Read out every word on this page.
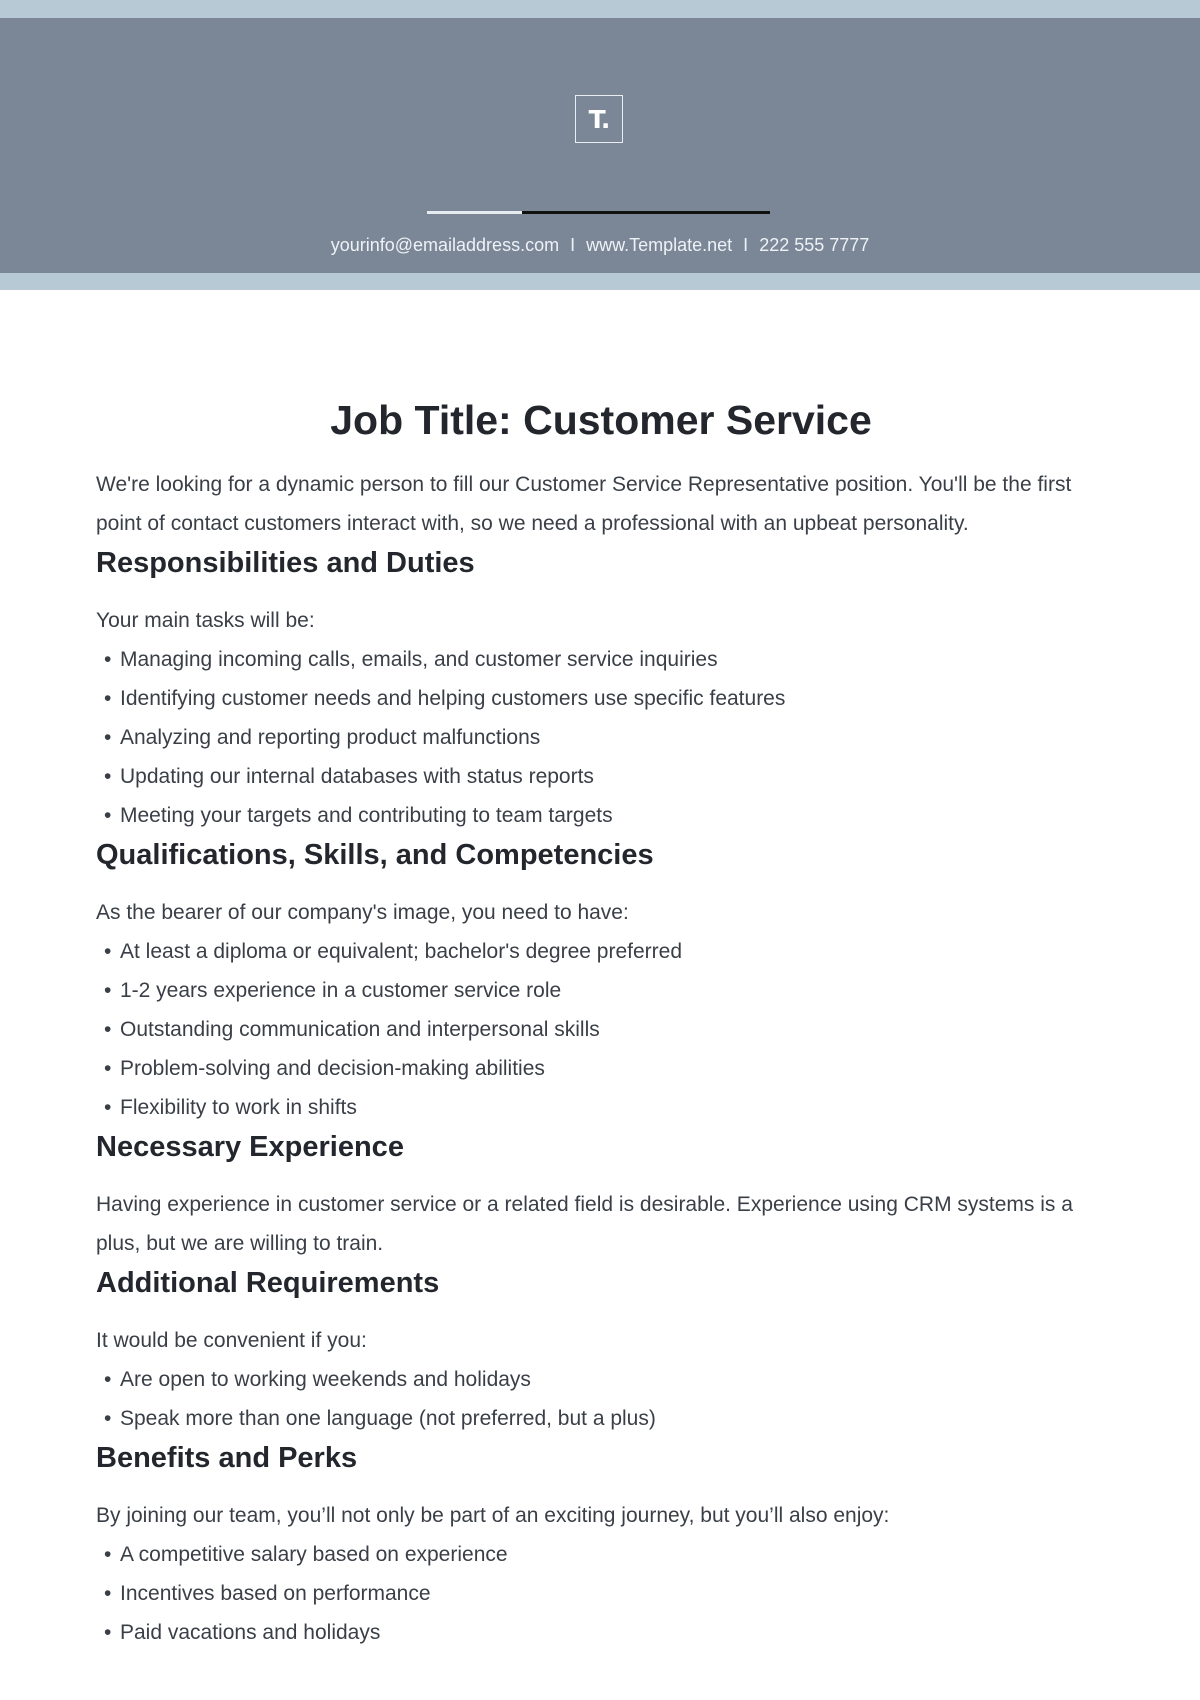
T.
yourinfo@emailaddress.com I www.Template.net I 222 555 7777
Job Title: Customer Service

We're looking for a dynamic person to fill our Customer Service Representative position. You'll be the first point of contact customers interact with, so we need a professional with an upbeat personality.

Responsibilities and Duties

Your main tasks will be:

• Managing incoming calls, emails, and customer service inquiries
• Identifying customer needs and helping customers use specific features
• Analyzing and reporting product malfunctions
• Updating our internal databases with status reports
• Meeting your targets and contributing to team targets
Qualifications, Skills, and Competencies

As the bearer of our company's image, you need to have:

• At least a diploma or equivalent; bachelor's degree preferred
• 1-2 years experience in a customer service role
• Outstanding communication and interpersonal skills
• Problem-solving and decision-making abilities
• Flexibility to work in shifts
Necessary Experience

Having experience in customer service or a related field is desirable. Experience using CRM systems is a plus, but we are willing to train.

Additional Requirements

It would be convenient if you:

• Are open to working weekends and holidays
• Speak more than one language (not preferred, but a plus)
Benefits and Perks

By joining our team, you’ll not only be part of an exciting journey, but you’ll also enjoy:

• A competitive salary based on experience
• Incentives based on performance
• Paid vacations and holidays
